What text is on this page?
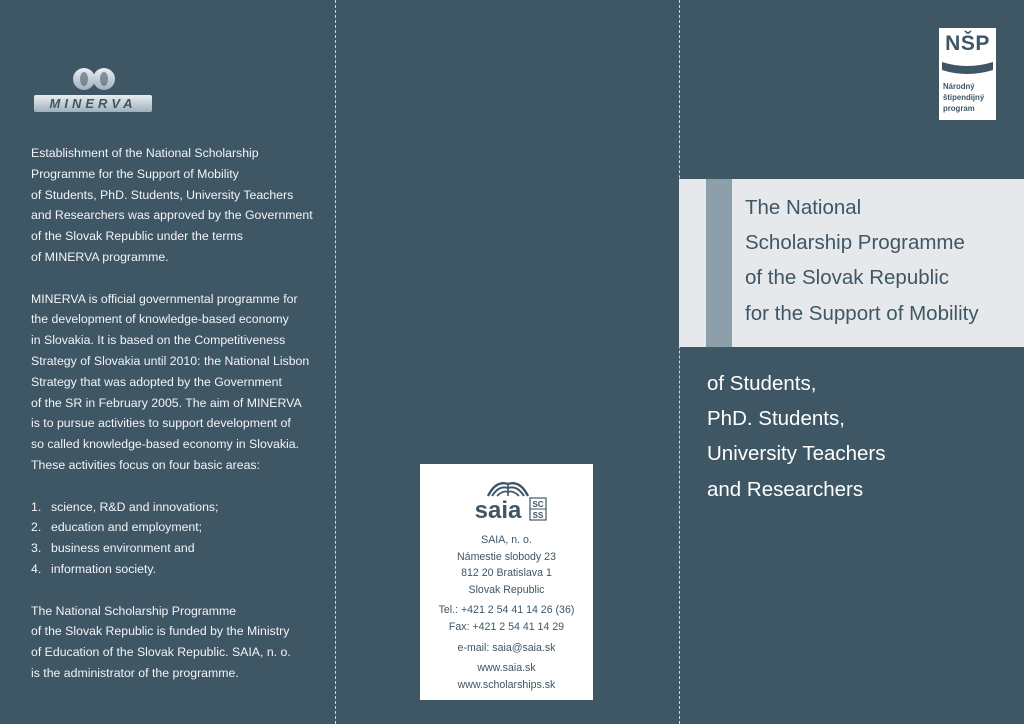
MINERVA

Establishment of the National Scholarship
Programme for the Support of Mobility
of Students, PhD. Students, University Teachers
and Researchers was approved by the Government
of the Slovak Republic under the terms
of MINERVA programme.

MINERVA is official governmental programme for
the development of knowledge-based economy
in Slovakia. It is based on the Competitiveness
Strategy of Slovakia until 2010: the National Lisbon
Strategy that was adopted by the Government
of the SR in February 2005. The aim of MINERVA
is to pursue activities to support development of
so called knowledge-based economy in Slovakia.
These activities focus on four basic areas:

1. science, R&D and innovations;
2. education and employment;
3. business environment and
4. information society.

The National Scholarship Programme
of the Slovak Republic is funded by the Ministry
of Education of the Slovak Republic. SAIA, n. o.
is the administrator of the programme.

saia SC
SS
SAIA, n. o.
Námestie slobody 23
812 20 Bratislava 1
Slovak Republic
Tel.: +421 2 54 41 14 26 (36)
Fax: +421 2 54 41 14 29
e-mail: saia@saia.sk
www.saia.sk
www.scholarships.sk
NŠP
Národný
štipendijný
program
The National
Scholarship Programme
of the Slovak Republic
for the Support of Mobility
of Students,
PhD. Students,
University Teachers
and Researchers
